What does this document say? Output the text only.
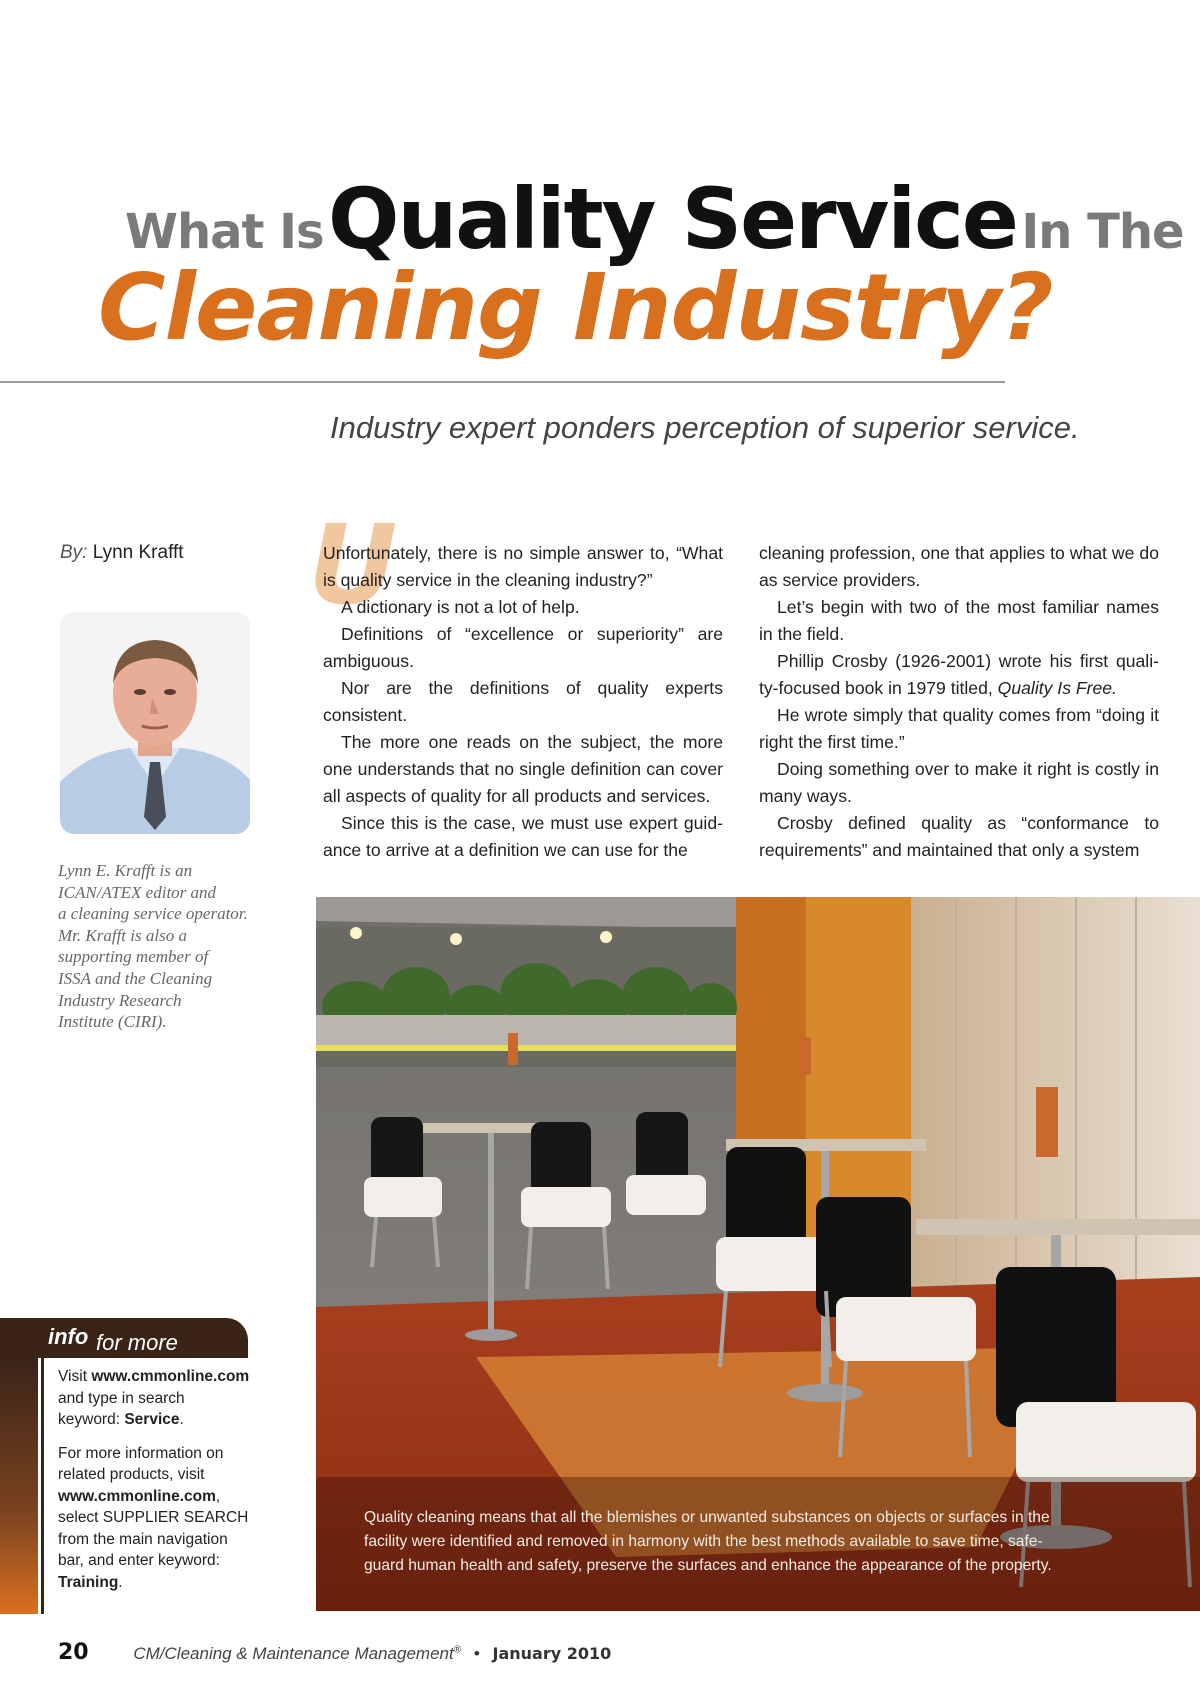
What Is Quality Service In The
Cleaning Industry?
Industry expert ponders perception of superior service.
By: Lynn Krafft
Lynn E. Krafft is an
ICAN/ATEX editor and
a cleaning service operator.
Mr. Krafft is also a
supporting member of
ISSA and the Cleaning
Industry Research
Institute (CIRI).
U

Unfortunately, there is no simple answer to, “What is quality service in the cleaning industry?”

A dictionary is not a lot of help.

Definitions of “excellence or superiority” are ambiguous.

Nor are the definitions of quality experts consistent.

The more one reads on the subject, the more one understands that no single definition can cover all aspects of quality for all products and services.

Since this is the case, we must use expert guid-ance to arrive at a definition we can use for the

cleaning profession, one that applies to what we do as service providers.

Let’s begin with two of the most familiar names in the field.

Phillip Crosby (1926-2001) wrote his first quali-ty-focused book in 1979 titled, Quality Is Free.

He wrote simply that quality comes from “doing it right the first time.”

Doing something over to make it right is costly in many ways.

Crosby defined quality as “conformance to requirements” and maintained that only a system

Quality cleaning means that all the blemishes or unwanted substances on objects or surfaces in the
facility were identified and removed in harmony with the best methods available to save time, safe-
guard human health and safety, preserve the surfaces and enhance the appearance of the property.
for more
info
Visit www.cmmonline.com
and type in search
keyword: Service.
For more information on
related products, visit
www.cmmonline.com,
select SUPPLIER SEARCH
from the main navigation
bar, and enter keyword:
Training.
20	CM/Cleaning & Maintenance Management® • January 2010
